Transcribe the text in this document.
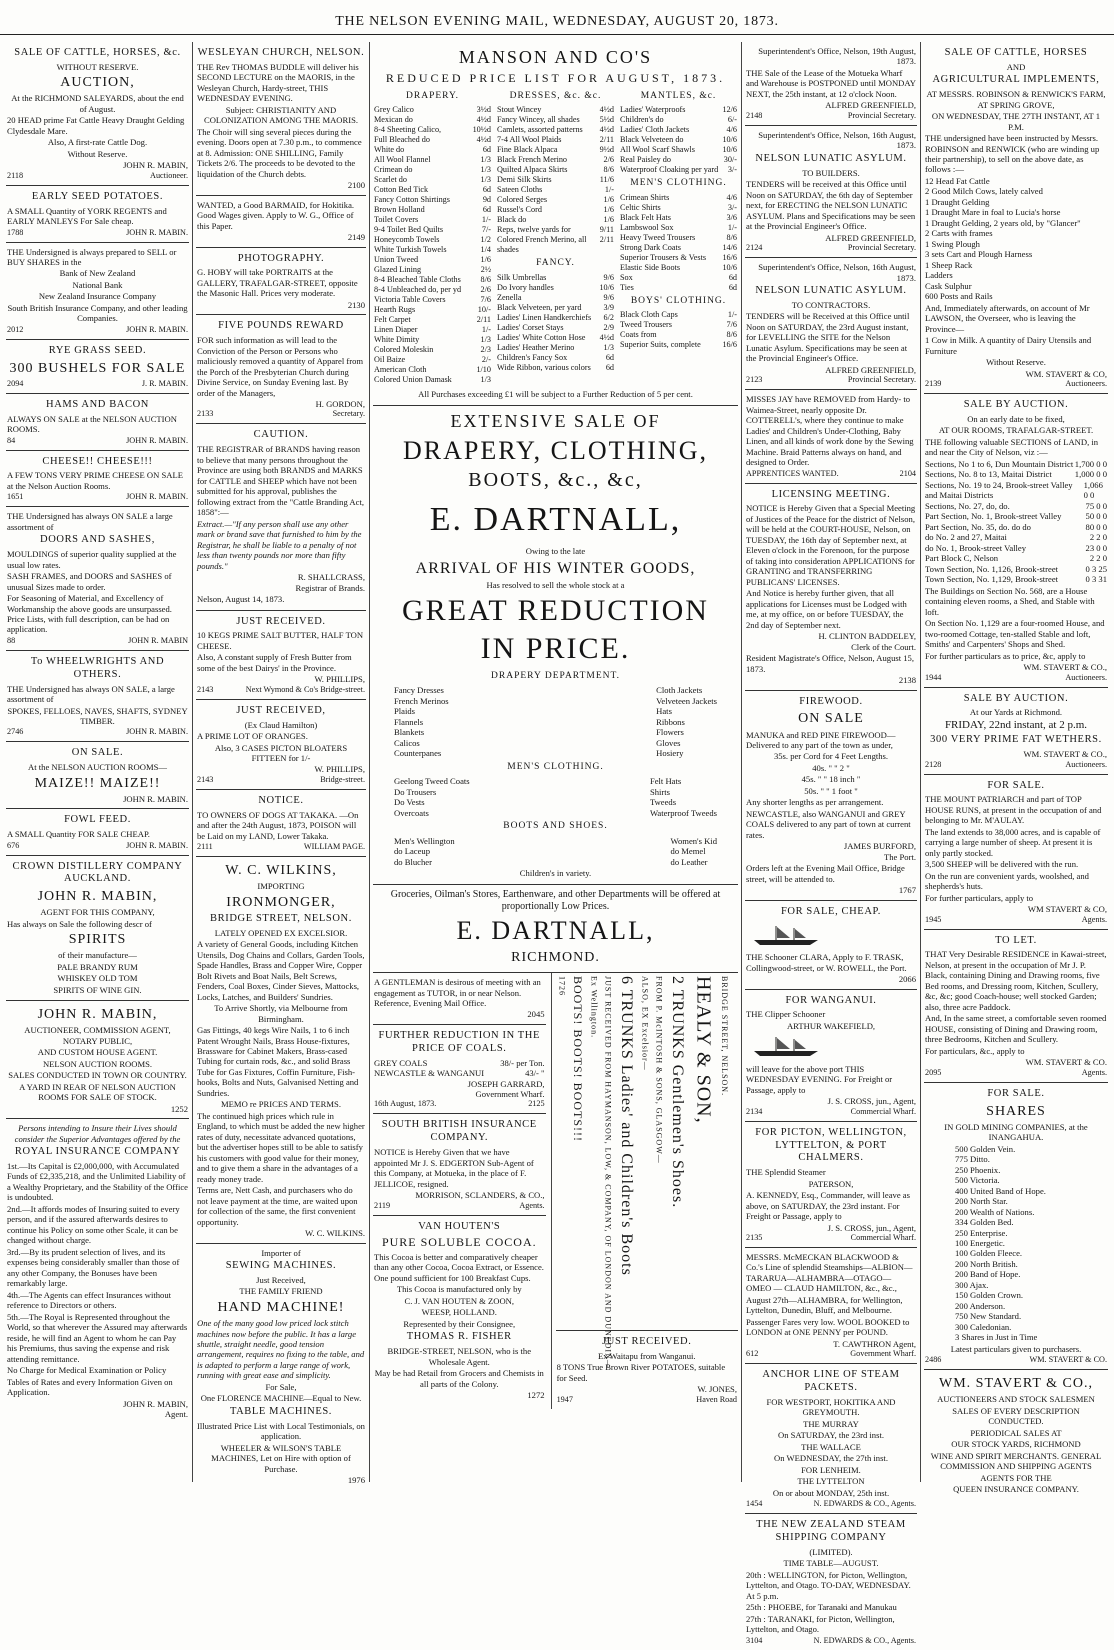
THE NELSON EVENING MAIL, WEDNESDAY, AUGUST 20, 1873.
SALE OF CATTLE, HORSES, &c.
WITHOUT RESERVE.
AUCTION,

At the RICHMOND SALEYARDS, about the end of August.

20 HEAD prime Fat Cattle Heavy Draught Gelding Clydesdale Mare.

Also, A first-rate Cattle Dog.

Without Reserve.

JOHN R. MABIN,
2118	Auctioneer.
EARLY SEED POTATOES.

A SMALL Quantity of YORK REGENTS and EARLY MANLEYS For Sale cheap.

1788	JOHN R. MABIN.

THE Undersigned is always prepared to SELL or BUY SHARES in the

Bank of New Zealand

National Bank

New Zealand Insurance Company

South British Insurance Company, and other leading Companies.

2012	JOHN R. MABIN.
RYE GRASS SEED.
300 BUSHELS FOR SALE
2094	J. R. MABIN.
HAMS AND BACON

ALWAYS ON SALE at the NELSON AUCTION ROOMS.

84	JOHN R. MABIN.
CHEESE!! CHEESE!!!

A FEW TONS VERY PRIME CHEESE ON SALE at the Nelson Auction Rooms.

1651	JOHN R. MABIN.

THE Undersigned has always ON SALE a large assortment of

DOORS AND SASHES,

MOULDINGS of superior quality supplied at the usual low rates.

SASH FRAMES, and DOORS and SASHES of unusual Sizes made to order.

For Seasoning of Material, and Excellency of Workmanship the above goods are unsurpassed. Price Lists, with full description, can be had on application.

88	JOHN R. MABIN
To WHEELWRIGHTS AND OTHERS.

THE Undersigned has always ON SALE, a large assortment of

SPOKES, FELLOES, NAVES, SHAFTS, SYDNEY TIMBER.

2746	JOHN R. MABIN.
ON SALE.

At the NELSON AUCTION ROOMS—

MAIZE!! MAIZE!!
JOHN R. MABIN.
FOWL FEED.

A SMALL Quantity FOR SALE CHEAP.

676	JOHN R. MABIN.
CROWN DISTILLERY COMPANY AUCKLAND.
JOHN R. MABIN,

AGENT FOR THIS COMPANY,

Has always on Sale the following descr of

SPIRITS

of their manufacture—

PALE BRANDY RUM

WHISKEY OLD TOM

SPIRITS OF WINE GIN.

JOHN R. MABIN,

AUCTIONEER, COMMISSION AGENT, NOTARY PUBLIC,

AND CUSTOM HOUSE AGENT.

NELSON AUCTION ROOMS.

SALES CONDUCTED IN TOWN OR COUNTRY.

A YARD IN REAR OF NELSON AUCTION ROOMS FOR SALE OF STOCK.

1252

Persons intending to Insure their Lives should consider the Superior Advantages offered by the

ROYAL INSURANCE COMPANY

1st.—Its Capital is £2,000,000, with Accumulated Funds of £2,335,218, and the Unlimited Liability of a Wealthy Proprietary, and the Stability of the Office is undoubted.

2nd.—It affords modes of Insuring suited to every person, and if the assured afterwards desires to continue his Policy on some other Scale, it can be changed without charge.

3rd.—By its prudent selection of lives, and its expenses being considerably smaller than those of any other Company, the Bonuses have been remarkably large.

4th.—The Agents can effect Insurances without reference to Directors or others.

5th.—The Royal is Represented throughout the World, so that wherever the Assured may afterwards reside, he will find an Agent to whom he can Pay his Premiums, thus saving the expense and risk attending remittance.

No Charge for Medical Examination or Policy

Tables of Rates and every Information Given on Application.

JOHN R. MABIN,
Agent.
WESLEYAN CHURCH, NELSON.

THE Rev THOMAS BUDDLE will deliver his SECOND LECTURE on the MAORIS, in the Wesleyan Church, Hardy-street, THIS WEDNESDAY EVENING.

Subject: CHRISTIANITY AND COLONIZATION AMONG THE MAORIS.

The Choir will sing several pieces during the evening. Doors open at 7.30 p.m., to commence at 8. Admission: ONE SHILLING, Family Tickets 2/6. The proceeds to be devoted to the liquidation of the Church debts.

2100

WANTED, a Good BARMAID, for Hokitika. Good Wages given. Apply to W. G., Office of this Paper.

2149
PHOTOGRAPHY.

G. HOBY will take PORTRAITS at the GALLERY, TRAFALGAR-STREET, opposite the Masonic Hall. Prices very moderate.

2130
FIVE POUNDS REWARD

FOR such information as will lead to the Conviction of the Person or Persons who maliciously removed a quantity of Apparel from the Porch of the Presbyterian Church during Divine Service, on Sunday Evening last. By order of the Managers,

H. GORDON,
2133	Secretary.
CAUTION.

THE REGISTRAR of BRANDS having reason to believe that many persons throughout the Province are using both BRANDS and MARKS for CATTLE and SHEEP which have not been submitted for his approval, publishes the following extract from the "Cattle Branding Act, 1858":—

Extract.—"If any person shall use any other mark or brand save that furnished to him by the Registrar, he shall be liable to a penalty of not less than twenty pounds nor more than fifty pounds."

R. SHALLCRASS,
Registrar of Brands.

Nelson, August 14, 1873.

JUST RECEIVED.

10 KEGS PRIME SALT BUTTER, HALF TON CHEESE.

Also, A constant supply of Fresh Butter from some of the best Dairys' in the Province.

W. PHILLIPS,
2143	Next Wymond & Co's Bridge-street.
JUST RECEIVED,

(Ex Claud Hamilton)

A PRIME LOT OF ORANGES.

Also, 3 CASES PICTON BLOATERS FITTEEN for 1/-

W. PHILLIPS,
2143	Bridge-street.
NOTICE.

TO OWNERS OF DOGS AT TAKAKA. —On and after the 24th August, 1873, POISON will be Laid on my LAND, Lower Takaka.

2111	WILLIAM PAGE.
W. C. WILKINS,

IMPORTING

IRONMONGER,
BRIDGE STREET, NELSON.

LATELY OPENED EX EXCELSIOR.

A variety of General Goods, including Kitchen Utensils, Dog Chains and Collars, Garden Tools, Spade Handles, Brass and Copper Wire, Copper Bolt Rivets and Boat Nails, Belt Screws, Fenders, Coal Boxes, Cinder Sieves, Mattocks, Locks, Latches, and Builders' Sundries.

To Arrive Shortly, via Melbourne from Birmingham.

Gas Fittings, 40 kegs Wire Nails, 1 to 6 inch Patent Wrought Nails, Brass House-fixtures, Brassware for Cabinet Makers, Brass-cased Tubing for curtain rods, &c., and solid Brass Tube for Gas Fixtures, Coffin Furniture, Fish-hooks, Bolts and Nuts, Galvanised Netting and Sundries.

MEMO re PRICES AND TERMS.

The continued high prices which rule in England, to which must be added the new higher rates of duty, necessitate advanced quotations, but the advertiser hopes still to be able to satisfy his customers with good value for their money, and to give them a share in the advantages of a ready money trade.

Terms are, Nett Cash, and purchasers who do not leave payment at the time, are waited upon for collection of the same, the first convenient opportunity.

W. C. WILKINS.

Importer of

SEWING MACHINES.

Just Received,

THE FAMILY FRIEND

HAND MACHINE!

One of the many good low priced lock stitch machines now before the public. It has a large shuttle, straight needle, good tension arrangement, requires no fixing to the table, and is adapted to perform a large range of work, running with great ease and simplicity.

For Sale,

One FLORENCE MACHINE—Equal to New.

TABLE MACHINES.

Illustrated Price List with Local Testimonials, on application.

WHEELER & WILSON'S TABLE MACHINES, Let on Hire with option of Purchase.

1976
MANSON AND CO'S
REDUCED PRICE LIST FOR AUGUST, 1873.
DRAPERY.
Grey Calico	3½d
Mexican do	4½d
8-4 Sheeting Calico,	10½d
Full Bleached do	4½d
White do	6d
All Wool Flannel	1/3
Crimean do	1/3
Scarlet do	1/3
Cotton Bed Tick	6d
Fancy Cotton Shirtings	9d
Brown Holland	6d
Toilet Covers	1/-
9-4 Toilet Bed Quilts	7/-
Honeycomb Towels	1/2
White Turkish Towels	1/4
Union Tweed	1/6
Glazed Lining	2½
8-4 Bleached Table Cloths 8/6
8-4 Unbleached do, per yd 2/6
Victoria Table Covers	7/6
Hearth Rugs	10/-
Felt Carpet	2/11
Linen Diaper	1/-
White Dimity	1/3
Colored Moleskin	2/3
Oil Baize	2/-
American Cloth	1/10
Colored Union Damask	1/3
DRESSES, &c. &c.
Stout Wincey	4½d
Fancy Wincey, all shades 5½d
Camlets, assorted patterns 4½d
7-4 All Wool Plaids	2/11
Fine Black Alpaca	9½d
Black French Merino	2/6
Quilted Alpaca Skirts	8/6
Demi Silk Skirts	11/6
Sateen Cloths	1/-
Colored Serges	1/6
Russel's Cord	1/6
Black do	1/6
Reps, twelve yards for	9/11
Colored French Merino, all shades
2/11
FANCY.
Silk Umbrellas	9/6
Do Ivory handles	10/6
Zenella	9/6
Black Velveteen, per yard	3/9
Ladies' Linen Handkerchiefs 6/2
Ladies' Corset Stays	2/9
Ladies' White Cotton Hose 4½d
Ladies' Heather Merino	1/3
Children's Fancy Sox	6d
Wide Ribbon, various colors 6d
MANTLES, &c.
Ladies' Waterproofs	12/6
Children's do	6/-
Ladies' Cloth Jackets	4/6
Black Velveteen do	10/6
All Wool Scarf Shawls	10/6
Real Paisley do	30/-
Waterproof Cloaking per yard 3/-
MEN'S CLOTHING.
Crimean Shirts	4/6
Celtic Shirts	3/-
Black Felt Hats	3/6
Lambswool Sox	1/-
Heavy Tweed Trousers	8/6
Strong Dark Coats	14/6
Superior Trousers & Vests 16/6
Elastic Side Boots	10/6
Sox	6d
Ties	6d
BOYS' CLOTHING.
Black Cloth Caps	1/-
Tweed Trousers	7/6
Coats from	8/6
Superior Suits, complete	16/6

All Purchases exceeding £1 will be subject to a Further Reduction of 5 per cent.

EXTENSIVE SALE OF
DRAPERY, CLOTHING,
BOOTS, &c., &c,
E. DARTNALL,

Owing to the late

ARRIVAL OF HIS WINTER GOODS,

Has resolved to sell the whole stock at a

GREAT REDUCTION
IN PRICE.
DRAPERY DEPARTMENT.
Fancy Dresses
French Merinos
Plaids
Flannels
Blankets
Calicos
Counterpanes
Cloth Jackets
Velveteen Jackets
Hats
Ribbons
Flowers
Gloves
Hosiery
MEN'S CLOTHING.
Geelong Tweed Coats
Do Trousers
Do Vests
Overcoats
Felt Hats
Shirts
Tweeds
Waterproof Tweeds
BOOTS AND SHOES.
Men's Wellington
do Laceup
do Blucher
Women's Kid
do Memel
do Leather

Children's in variety.

Groceries, Oilman's Stores, Earthenware, and other Departments will be offered at proportionally Low Prices.

E. DARTNALL,
RICHMOND.

A GENTLEMAN is desirous of meeting with an engagement as TUTOR, in or near Nelson. Reference, Evening Mail Office.

2045
FURTHER REDUCTION IN THE PRICE OF COALS.
GREY COALS	38/- per Ton.
NEWCASTLE & WANGANUI	43/- "
JOSEPH GARRARD,
Government Wharf.
16th August, 1873.	2125
SOUTH BRITISH INSURANCE COMPANY.

NOTICE is Hereby Given that we have appointed Mr J. S. EDGERTON Sub-Agent of this Company, at Motueka, in the place of F. JELLICOE, resigned.

MORRISON, SCLANDERS, & CO.,
2119	Agents.
VAN HOUTEN'S
PURE SOLUBLE COCOA.

This Cocoa is better and comparatively cheaper than any other Cocoa, Cocoa Extract, or Essence. One pound sufficient for 100 Breakfast Cups.

This Cocoa is manufactured only by

C. J. VAN HOUTEN & ZOON,

WEESP, HOLLAND.

Represented by their Consignee,

THOMAS R. FISHER

BRIDGE-STREET, NELSON, who is the Wholesale Agent.

May be had Retail from Grocers and Chemists in all parts of the Colony.

1272
1726 BOOTS! BOOTS! BOOTS!!! Ex Wellington. JUST RECEIVED FROM HAYMANSON, LOW, & COMPANY, OF LONDON AND DUNEDIN— 6 TRUNKS Ladies' and Children's Boots ALSO, EX Excelsior— FROM P. McINTOSH & SONS, GLASGOW— 2 TRUNKS Gentlemen's Shoes. HEALY & SON, BRIDGE STREET, NELSON.
JUST RECEIVED.

Ex Waitapu from Wanganui.

8 TONS True Brown River POTATOES, suitable for Seed.

W. JONES,
1947	Haven Road

Superintendent's Office, Nelson, 19th August, 1873.

THE Sale of the Lease of the Motueka Wharf and Warehouse is POSTPONED until MONDAY NEXT, the 25th instant, at 12 o'clock Noon.

ALFRED GREENFIELD,
2148	Provincial Secretary.

Superintendent's Office, Nelson, 16th August, 1873.

NELSON LUNATIC ASYLUM.

TO BUILDERS.

TENDERS will be received at this Office until Noon on SATURDAY, the 6th day of September next, for ERECTING the NELSON LUNATIC ASYLUM. Plans and Specifications may be seen at the Provincial Engineer's Office.

ALFRED GREENFIELD,
2124	Provincial Secretary.

Superintendent's Office, Nelson, 16th August, 1873.

NELSON LUNATIC ASYLUM.

TO CONTRACTORS.

TENDERS will be Received at this Office until Noon on SATURDAY, the 23rd August instant, for LEVELLING the SITE for the Nelson Lunatic Asylum. Specifications may be seen at the Provincial Engineer's Office.

ALFRED GREENFIELD,
2123	Provincial Secretary.

MISSES JAY have REMOVED from Hardy- to Waimea-Street, nearly opposite Dr. COTTERELL's, where they continue to make Ladies' and Children's Under-Clothing, Baby Linen, and all kinds of work done by the Sewing Machine. Braid Patterns always on hand, and designed to Order.

APPRENTICES WANTED.	2104
LICENSING MEETING.

NOTICE is Hereby Given that a Special Meeting of Justices of the Peace for the district of Nelson, will be held at the COURT-HOUSE, Nelson, on TUESDAY, the 16th day of September next, at Eleven o'clock in the Forenoon, for the purpose of taking into consideration APPLICATIONS for GRANTING and TRANSFERRING PUBLICANS' LICENSES.

And Notice is hereby further given, that all applications for Licenses must be Lodged with me, at my office, on or before TUESDAY, the 2nd day of September next.

H. CLINTON BADDELEY,
Clerk of the Court.

Resident Magistrate's Office, Nelson, August 15, 1873.

2138
FIREWOOD.
ON SALE

MANUKA and RED PINE FIREWOOD—Delivered to any part of the town as under,

35s. per Cord for 4 Feet Lengths.

40s. " " 2 "

45s. " " 18 inch "

50s. " " 1 foot "

Any shorter lengths as per arrangement.

NEWCASTLE, also WANGANUI and GREY COALS delivered to any part of town at current rates.

JAMES BURFORD,
The Port.

Orders left at the Evening Mail Office, Bridge street, will be attended to.

1767
FOR SALE, CHEAP.

THE Schooner CLARA, Apply to F. TRASK, Collingwood-street, or W. ROWELL, the Port.

2066
FOR WANGANUI.

THE Clipper Schooner

ARTHUR WAKEFIELD,

will leave for the above port THIS WEDNESDAY EVENING. For Freight or Passage, apply to

J. S. CROSS, jun., Agent,
2134	Commercial Wharf.
FOR PICTON, WELLINGTON, LYTTELTON, & PORT CHALMERS.

THE Splendid Steamer

PATERSON,

A. KENNEDY, Esq., Commander, will leave as above, on SATURDAY, the 23rd instant. For Freight or Passage, apply to

J. S. CROSS, jun., Agent,
2135	Commercial Wharf.

MESSRS. McMECKAN BLACKWOOD & Co.'s Line of splendid Steamships—ALBION—TARARUA—ALHAMBRA—OTAGO—OMEO — CLAUD HAMILTON, &c., &c.,

August 27th—ALHAMBRA, for Wellington, Lyttelton, Dunedin, Bluff, and Melbourne.

Passenger Fares very low. WOOL BOOKED to LONDON at ONE PENNY per POUND.

T. CAWTHRON Agent,
612	Government Wharf.
ANCHOR LINE OF STEAM PACKETS.

FOR WESTPORT, HOKITIKA AND GREYMOUTH.

THE MURRAY

On SATURDAY, the 23rd inst.

THE WALLACE

On WEDNESDAY, the 27th inst.

FOR LENHEIM.

THE LYTTELTON

On or about MONDAY, 25th inst.

1454	N. EDWARDS & CO., Agents.
THE NEW ZEALAND STEAM SHIPPING COMPANY

(LIMITED).

TIME TABLE—AUGUST.

20th : WELLINGTON, for Picton, Wellington, Lyttelton, and Otago. TO-DAY, WEDNESDAY. At 5 p.m.

25th : PHOEBE, for Taranaki and Manukau

27th : TARANAKI, for Picton, Wellington, Lyttelton, and Otago.

3104	N. EDWARDS & CO., Agents.
SALE OF CATTLE, HORSES

AND

AGRICULTURAL IMPLEMENTS,

AT MESSRS. ROBINSON & RENWICK'S FARM, AT SPRING GROVE,

ON WEDNESDAY, THE 27TH INSTANT, AT 1 P.M.

THE undersigned have been instructed by Messrs. ROBINSON and RENWICK (who are winding up their partnership), to sell on the above date, as follows :—

12 Head Fat Cattle
2 Good Milch Cows, lately calved
1 Draught Gelding
1 Draught Mare in foal to Lucia's horse
1 Draught Gelding, 2 years old, by "Glancer"
2 Carts with frames
1 Swing Plough
3 sets Cart and Plough Harness
1 Sheep Rack
Ladders
Cask Sulphur
600 Posts and Rails

And, Immediately afterwards, on account of Mr LAWSON, the Overseer, who is leaving the Province—

1 Cow in Milk. A quantity of Dairy Utensils and Furniture

Without Reserve.

WM. STAVERT & CO,
2139	Auctioneers.
SALE BY AUCTION.

On an early date to be fixed,

AT OUR ROOMS, TRAFALGAR-STREET.

THE following valuable SECTIONS of LAND, in and near the City of Nelson, viz :—

Sections, No 1 to 6, Dun Mountain District 1,700 0 0
Sections, No. 8 to 13, Maitai District	1,000 0 0
Sections, No. 19 to 24, Brook-street Valley and Maitai Districts
1,066 0 0
Sections, No. 27, do, do.	75 0 0
Part Section, No. 1, Brook-street Valley	50 0 0
Part Section, No. 35, do. do do	80 0 0
do No. 2 and 27, Maitai	2 2 0
do No. 1, Brook-street Valley	23 0 0
Part Block C, Nelson	2 2 0
Town Section, No. 1,126, Brook-street	0 3 25
Town Section, No. 1,129, Brook-street	0 3 31

The Buildings on Section No. 568, are a House containing eleven rooms, a Shed, and Stable with loft.

On Section No. 1,129 are a four-roomed House, and two-roomed Cottage, ten-stalled Stable and loft, Smiths' and Carpenters' Shops and Shed.

For further particulars as to price, &c, apply to

WM. STAVERT & CO.,
1944	Auctioneers.
SALE BY AUCTION.

At our Yards at Richmond.

FRIDAY, 22nd instant, at 2 p.m.

300 VERY PRIME FAT WETHERS.
WM. STAVERT & CO.,
2128	Auctioneers.
FOR SALE.

THE MOUNT PATRIARCH and part of TOP HOUSE RUNS, at present in the occupation of and belonging to Mr. M'AULAY.

The land extends to 38,000 acres, and is capable of carrying a large number of sheep. At present it is only partly stocked.

3,500 SHEEP will be delivered with the run.

On the run are convenient yards, woolshed, and shepherds's huts.

For further particulars, apply to

WM STAVERT & CO,
1945	Agents.
TO LET.

THAT Very Desirable RESIDENCE in Kawai-street, Nelson, at present in the occupation of Mr J. P. Black, containing Dining and Drawing rooms, five Bed rooms, and Dressing room, Kitchen, Scullery, &c, &c; good Coach-house; well stocked Garden; also, three acre Paddock.

And, In the same street, a comfortable seven roomed HOUSE, consisting of Dining and Drawing room, three Bedrooms, Kitchen and Scullery.

For particulars, &c., apply to

WM. STAVERT & CO.
2095	Agents.
FOR SALE.
SHARES

IN GOLD MINING COMPANIES, at the INANGAHUA.

500 Golden Vein.
775 Ditto.
250 Phoenix.
500 Victoria.
400 United Band of Hope.
200 North Star.
200 Wealth of Nations.
334 Golden Bed.
250 Enterprise.
100 Energetic.
100 Golden Fleece.
200 North British.
200 Band of Hope.
300 Ajax.
150 Golden Crown.
200 Anderson.
750 New Standard.
300 Caledonian.
3 Shares in Just in Time

Latest particulars given to purchasers.

2486	WM. STAVERT & CO.
WM. STAVERT & CO.,

AUCTIONEERS AND STOCK SALESMEN

SALES OF EVERY DESCRIPTION CONDUCTED.

PERIODICAL SALES AT

OUR STOCK YARDS, RICHMOND

WINE AND SPIRIT MERCHANTS. GENERAL COMMISSION AND SHIPPING AGENTS

AGENTS FOR THE

QUEEN INSURANCE COMPANY.
